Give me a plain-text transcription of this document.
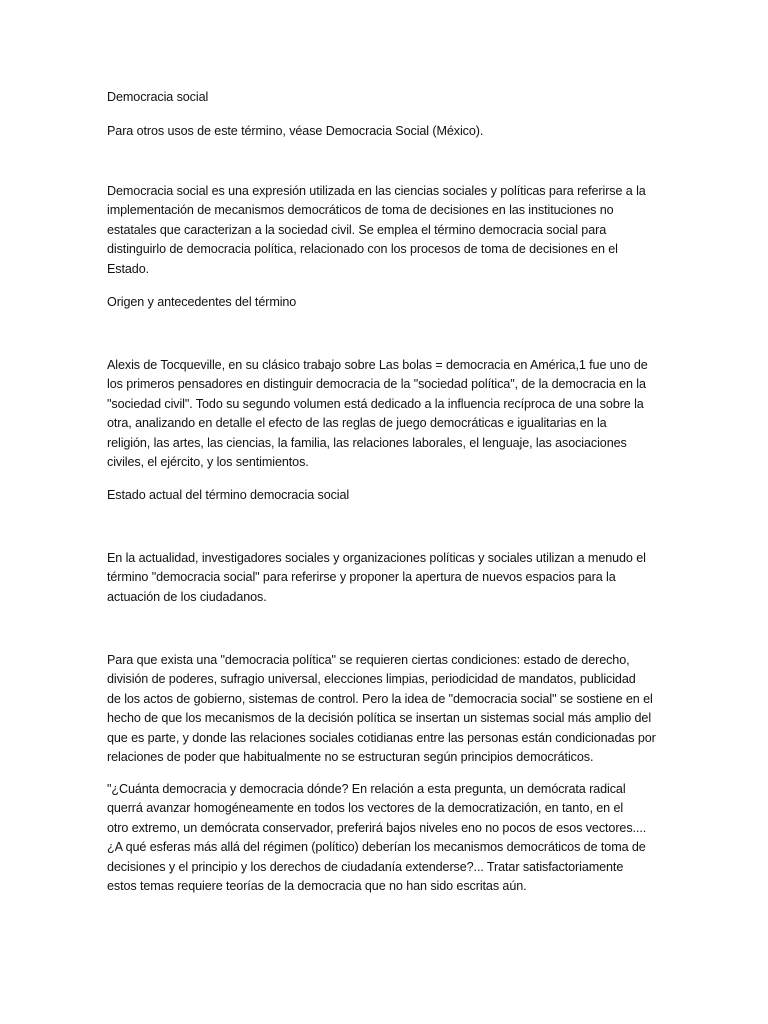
Democracia social

Para otros usos de este término, véase Democracia Social (México).

Democracia social es una expresión utilizada en las ciencias sociales y políticas para referirse a la
implementación de mecanismos democráticos de toma de decisiones en las instituciones no
estatales que caracterizan a la sociedad civil. Se emplea el término democracia social para
distinguirlo de democracia política, relacionado con los procesos de toma de decisiones en el
Estado.

Origen y antecedentes del término

Alexis de Tocqueville, en su clásico trabajo sobre Las bolas = democracia en América,1 fue uno de
los primeros pensadores en distinguir democracia de la "sociedad política", de la democracia en la
"sociedad civil". Todo su segundo volumen está dedicado a la influencia recíproca de una sobre la
otra, analizando en detalle el efecto de las reglas de juego democráticas e igualitarias en la
religión, las artes, las ciencias, la familia, las relaciones laborales, el lenguaje, las asociaciones
civiles, el ejército, y los sentimientos.

Estado actual del término democracia social

En la actualidad, investigadores sociales y organizaciones políticas y sociales utilizan a menudo el
término "democracia social" para referirse y proponer la apertura de nuevos espacios para la
actuación de los ciudadanos.

Para que exista una "democracia política" se requieren ciertas condiciones: estado de derecho,
división de poderes, sufragio universal, elecciones limpias, periodicidad de mandatos, publicidad
de los actos de gobierno, sistemas de control. Pero la idea de "democracia social" se sostiene en el
hecho de que los mecanismos de la decisión política se insertan un sistemas social más amplio del
que es parte, y donde las relaciones sociales cotidianas entre las personas están condicionadas por
relaciones de poder que habitualmente no se estructuran según principios democráticos.

"¿Cuánta democracia y democracia dónde? En relación a esta pregunta, un demócrata radical
querrá avanzar homogéneamente en todos los vectores de la democratización, en tanto, en el
otro extremo, un demócrata conservador, preferirá bajos niveles eno no pocos de esos vectores....
¿A qué esferas más allá del régimen (político) deberían los mecanismos democráticos de toma de
decisiones y el principio y los derechos de ciudadanía extenderse?... Tratar satisfactoriamente
estos temas requiere teorías de la democracia que no han sido escritas aún.
